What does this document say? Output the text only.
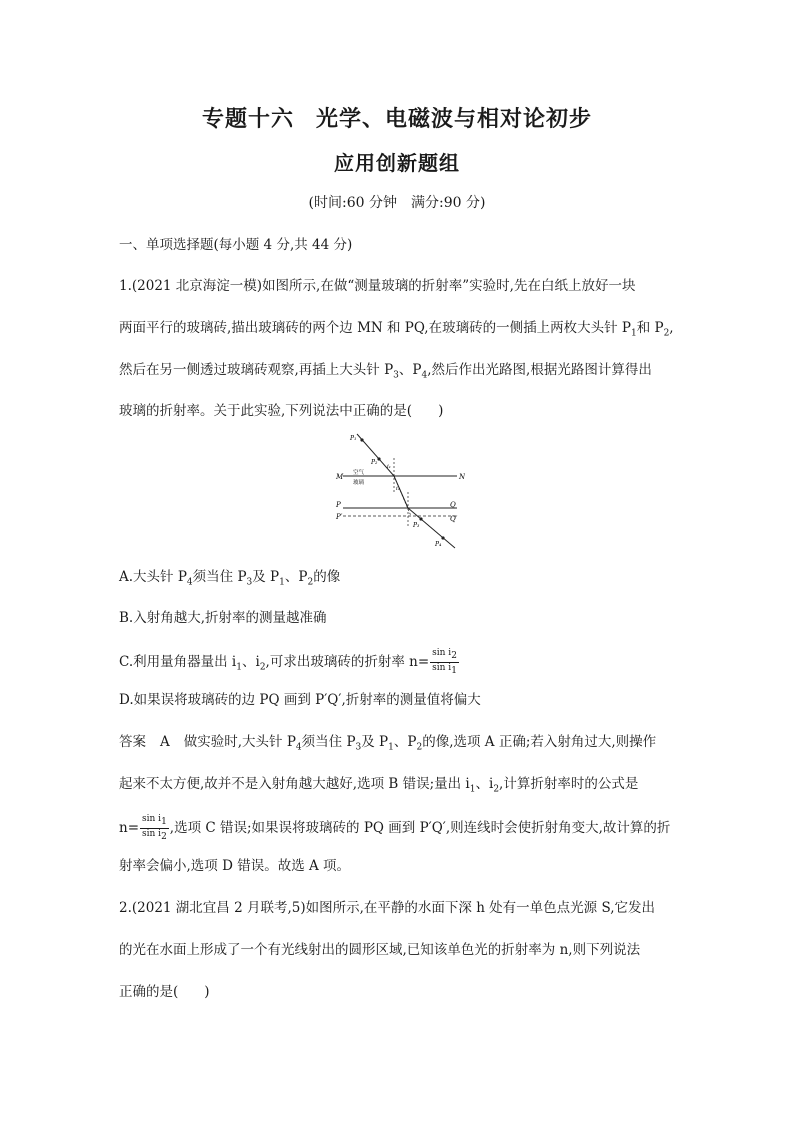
专题十六 光学、电磁波与相对论初步
应用创新题组
(时间:60 分钟　满分:90 分)
一、单项选择题(每小题 4 分,共 44 分)
1.(2021 北京海淀一模)如图所示,在做“测量玻璃的折射率”实验时,先在白纸上放好一块
两面平行的玻璃砖,描出玻璃砖的两个边 MN 和 PQ,在玻璃砖的一侧插上两枚大头针 $P_1$和 $P_2$,
然后在另一侧透过玻璃砖观察,再插上大头针 $P_3$、$P_4$,然后作出光路图,根据光路图计算得出
玻璃的折射率。关于此实验,下列说法中正确的是( )
M	N
P	Q
P′	Q′
空气
玻璃
P₁
P₂
P₃
P₄
i₁
i₂
A.大头针 $P_4$须当住 $P_3$及 $P_1$、$P_2$的像
B.入射角越大,折射率的测量越准确
C.利用量角器量出 $i_1$、$i_2$,可求出玻璃砖的折射率 $n= \frac{\sin i_2}{\sin i_1}$
D.如果误将玻璃砖的边 PQ 画到 P′Q′,折射率的测量值将偏大
答案 A 做实验时,大头针 $P_4$须当住 $P_3$及 $P_1$、$P_2$的像,选项 A 正确;若入射角过大,则操作
起来不太方便,故并不是入射角越大越好,选项 B 错误;量出 $i_1$、$i_2$,计算折射率时的公式是
$n= \frac{\sin i_1}{\sin i_2}$ ,选项 C 错误;如果误将玻璃砖的 PQ 画到 P′Q′,则连线时会使折射角变大,故计算的折
射率会偏小,选项 D 错误。故选 A 项。
2.(2021 湖北宜昌 2 月联考,5)如图所示,在平静的水面下深 h 处有一单色点光源 S,它发出
的光在水面上形成了一个有光线射出的圆形区域,已知该单色光的折射率为 n,则下列说法
正确的是( )
